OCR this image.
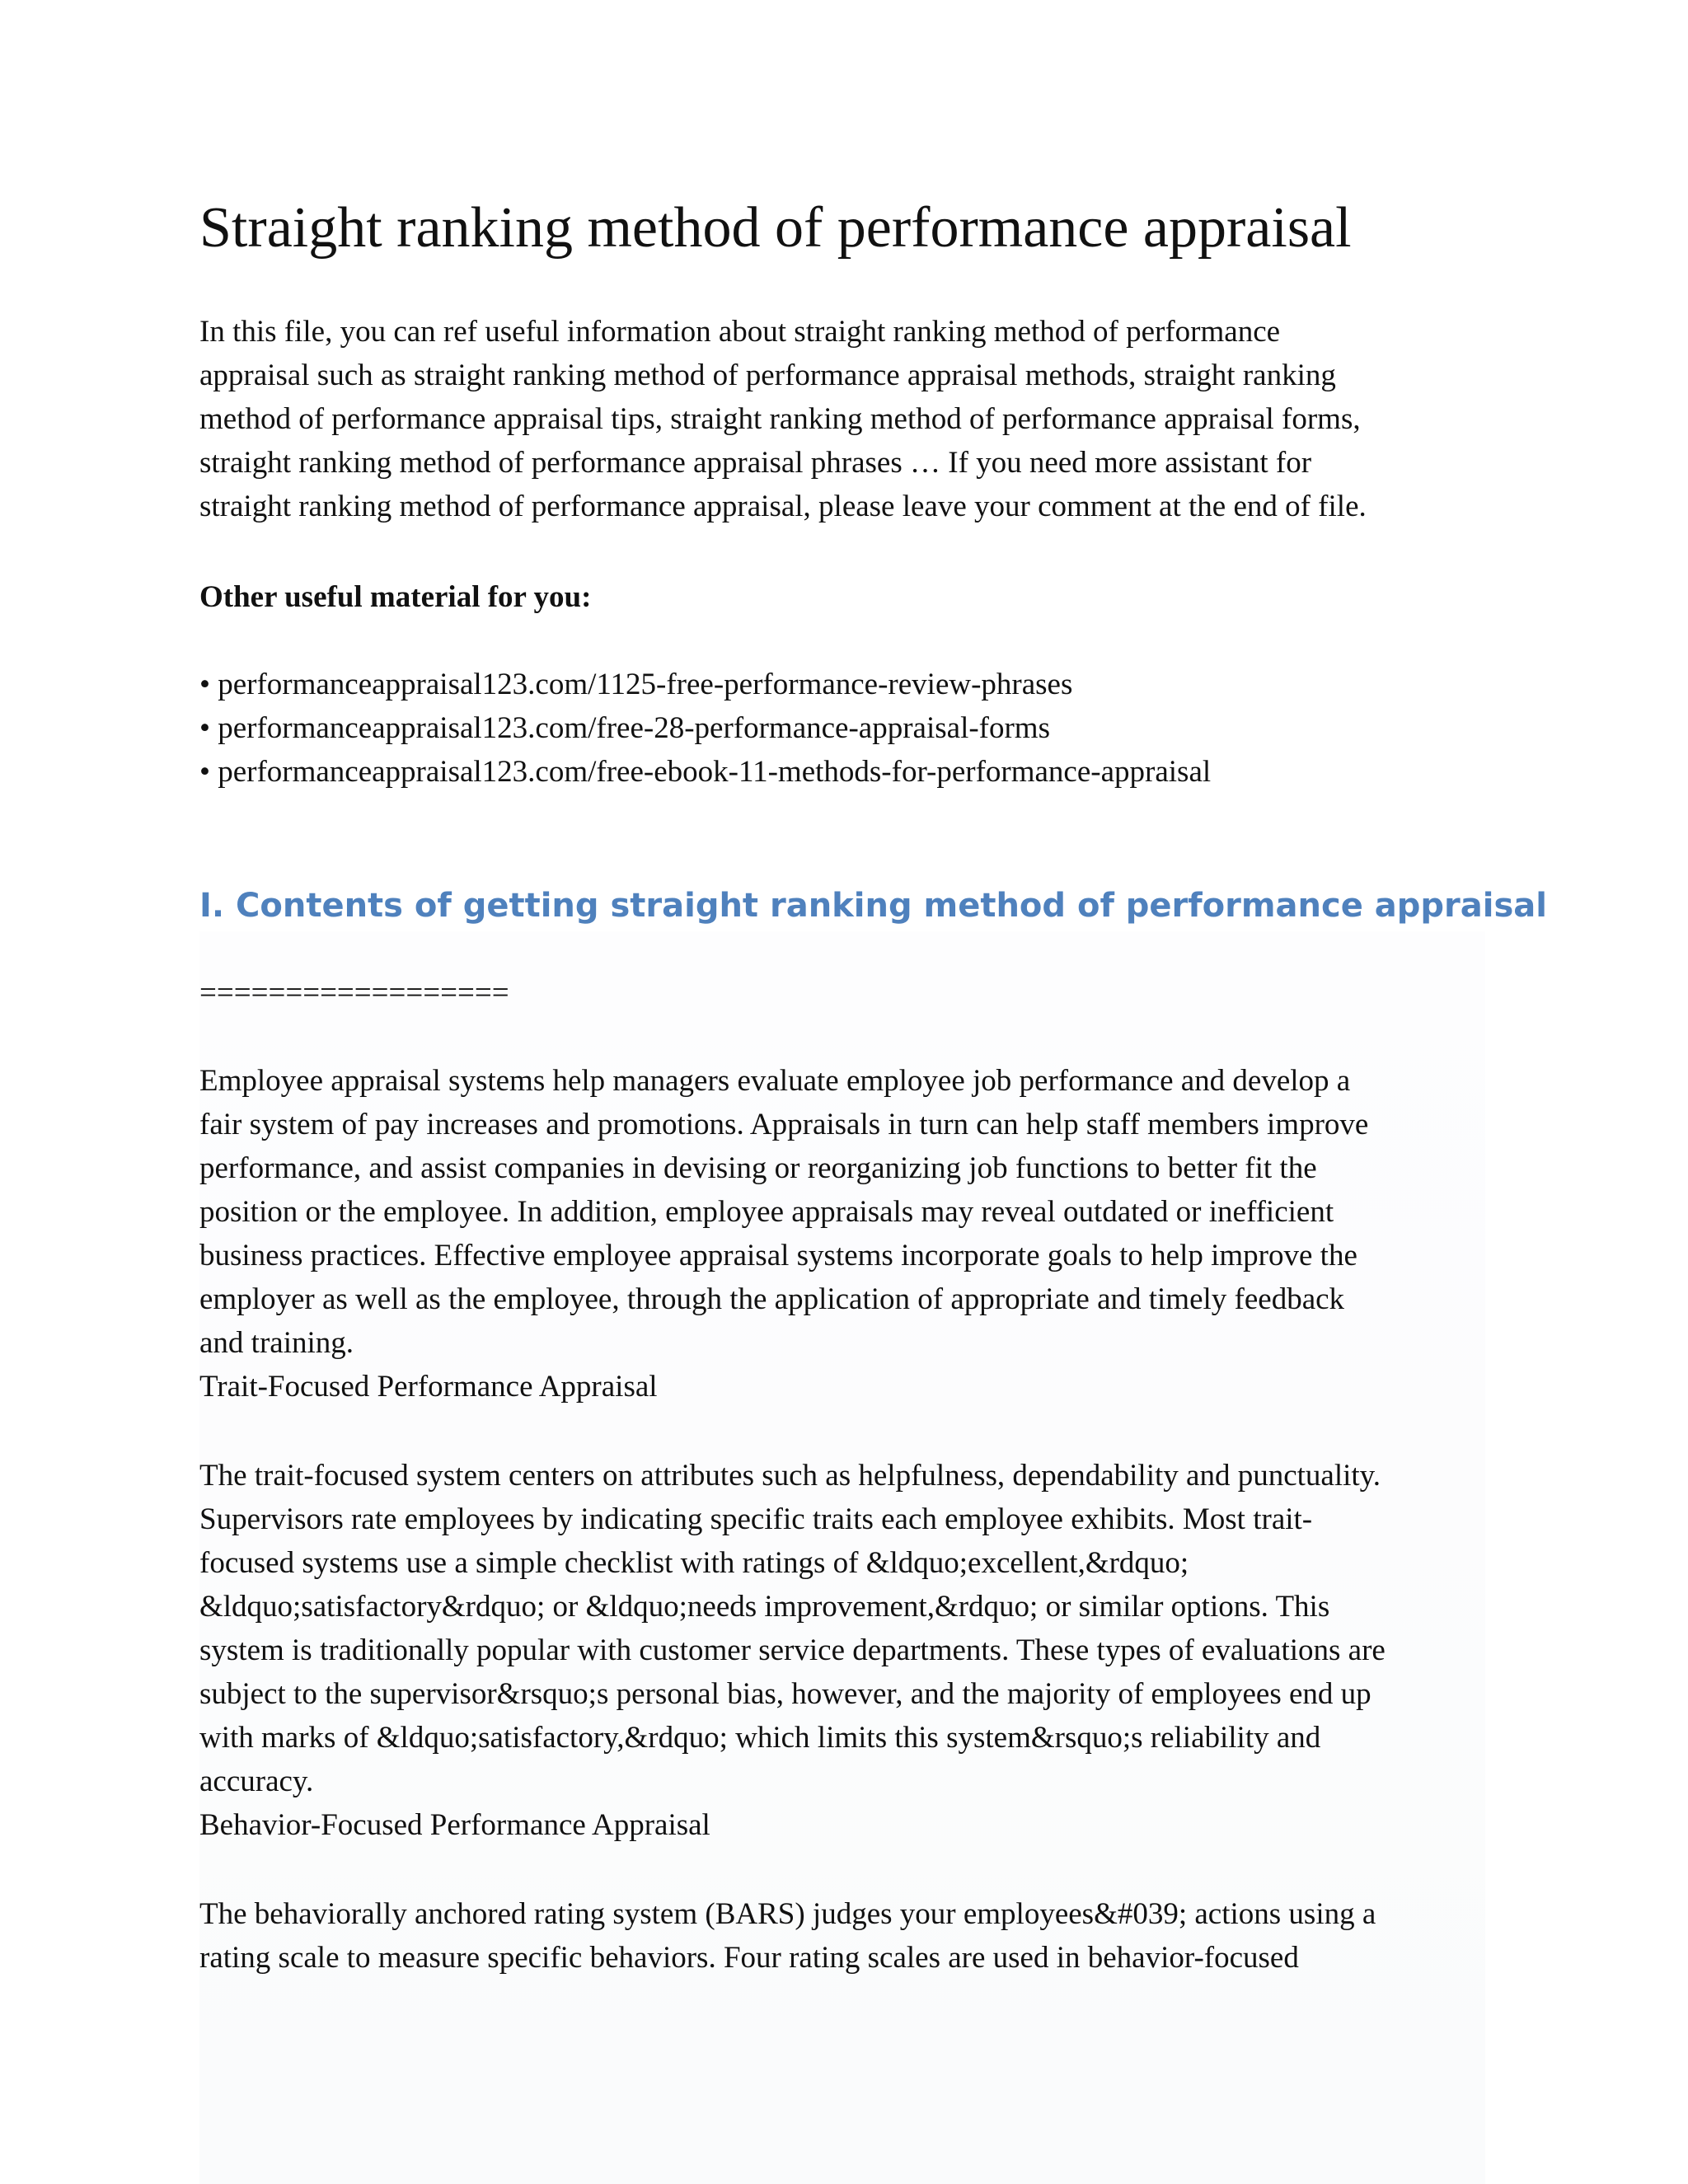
Straight ranking method of performance appraisal
In this file, you can ref useful information about straight ranking method of performance
appraisal such as straight ranking method of performance appraisal methods, straight ranking
method of performance appraisal tips, straight ranking method of performance appraisal forms,
straight ranking method of performance appraisal phrases … If you need more assistant for
straight ranking method of performance appraisal, please leave your comment at the end of file.
Other useful material for you:
• performanceappraisal123.com/1125-free-performance-review-phrases
• performanceappraisal123.com/free-28-performance-appraisal-forms
• performanceappraisal123.com/free-ebook-11-methods-for-performance-appraisal
I. Contents of getting straight ranking method of performance appraisal
==================
Employee appraisal systems help managers evaluate employee job performance and develop a
fair system of pay increases and promotions. Appraisals in turn can help staff members improve
performance, and assist companies in devising or reorganizing job functions to better fit the
position or the employee. In addition, employee appraisals may reveal outdated or inefficient
business practices. Effective employee appraisal systems incorporate goals to help improve the
employer as well as the employee, through the application of appropriate and timely feedback
and training.
Trait-Focused Performance Appraisal
The trait-focused system centers on attributes such as helpfulness, dependability and punctuality.
Supervisors rate employees by indicating specific traits each employee exhibits. Most trait-
focused systems use a simple checklist with ratings of &ldquo;excellent,&rdquo;
&ldquo;satisfactory&rdquo; or &ldquo;needs improvement,&rdquo; or similar options. This
system is traditionally popular with customer service departments. These types of evaluations are
subject to the supervisor&rsquo;s personal bias, however, and the majority of employees end up
with marks of &ldquo;satisfactory,&rdquo; which limits this system&rsquo;s reliability and
accuracy.
Behavior-Focused Performance Appraisal
The behaviorally anchored rating system (BARS) judges your employees&#039; actions using a
rating scale to measure specific behaviors. Four rating scales are used in behavior-focused
